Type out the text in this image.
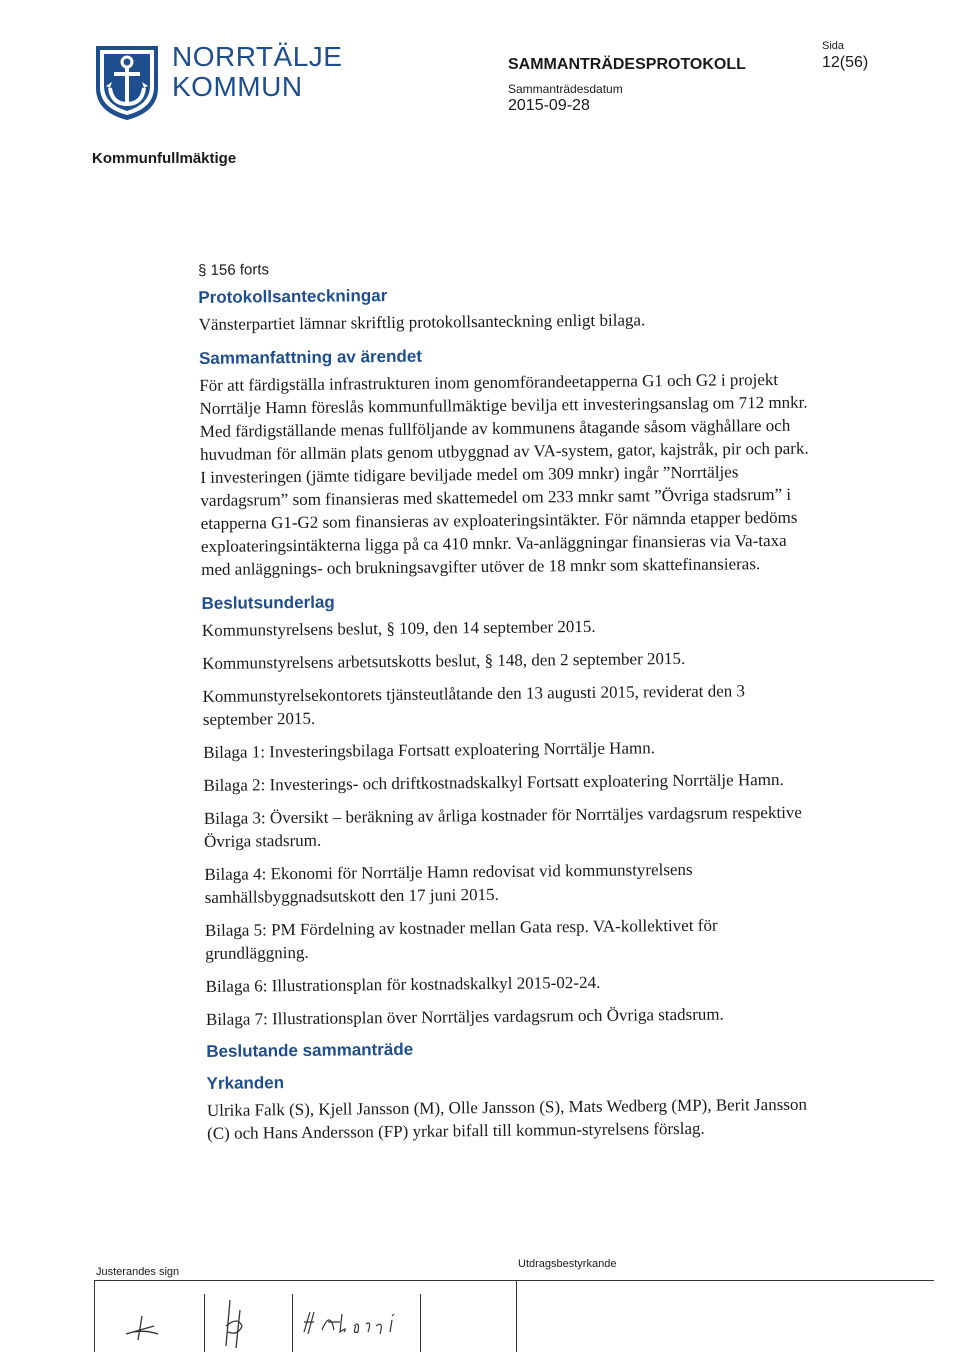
NORRTÄLJE
KOMMUN
SAMMANTRÄDESPROTOKOLL
Sammanträdesdatum
2015-09-28
Sida
12(56)
Kommunfullmäktige
§ 156 forts
Protokollsanteckningar
Vänsterpartiet lämnar skriftlig protokollsanteckning enligt bilaga.
Sammanfattning av ärendet
För att färdigställa infrastrukturen inom genomförandeetapperna G1 och G2 i projekt Norrtälje Hamn föreslås kommunfullmäktige bevilja ett investeringsanslag om 712 mnkr. Med färdigställande menas fullföljande av kommunens åtagande såsom väghållare och huvudman för allmän plats genom utbyggnad av VA-system, gator, kajstråk, pir och park. I investeringen (jämte tidigare beviljade medel om 309 mnkr) ingår ”Norrtäljes vardagsrum” som finansieras med skattemedel om 233 mnkr samt ”Övriga stadsrum” i etapperna G1-G2 som finansieras av exploateringsintäkter. För nämnda etapper bedöms exploateringsintäkterna ligga på ca 410 mnkr. Va-anläggningar finansieras via Va-taxa med anläggnings- och brukningsavgifter utöver de 18 mnkr som skattefinansieras.
Beslutsunderlag
Kommunstyrelsens beslut, § 109, den 14 september 2015.
Kommunstyrelsens arbetsutskotts beslut, § 148, den 2 september 2015.
Kommunstyrelsekontorets tjänsteutlåtande den 13 augusti 2015, reviderat den 3 september 2015.
Bilaga 1: Investeringsbilaga Fortsatt exploatering Norrtälje Hamn.
Bilaga 2: Investerings- och driftkostnadskalkyl Fortsatt exploatering Norrtälje Hamn.
Bilaga 3: Översikt – beräkning av årliga kostnader för Norrtäljes vardagsrum respektive Övriga stadsrum.
Bilaga 4: Ekonomi för Norrtälje Hamn redovisat vid kommunstyrelsens samhällsbyggnadsutskott den 17 juni 2015.
Bilaga 5: PM Fördelning av kostnader mellan Gata resp. VA-kollektivet för grundläggning.
Bilaga 6: Illustrationsplan för kostnadskalkyl 2015-02-24.
Bilaga 7: Illustrationsplan över Norrtäljes vardagsrum och Övriga stadsrum.
Beslutande sammanträde
Yrkanden
Ulrika Falk (S), Kjell Jansson (M), Olle Jansson (S), Mats Wedberg (MP), Berit Jansson (C) och Hans Andersson (FP) yrkar bifall till kommun-styrelsens förslag.
Justerandes sign
Utdragsbestyrkande
